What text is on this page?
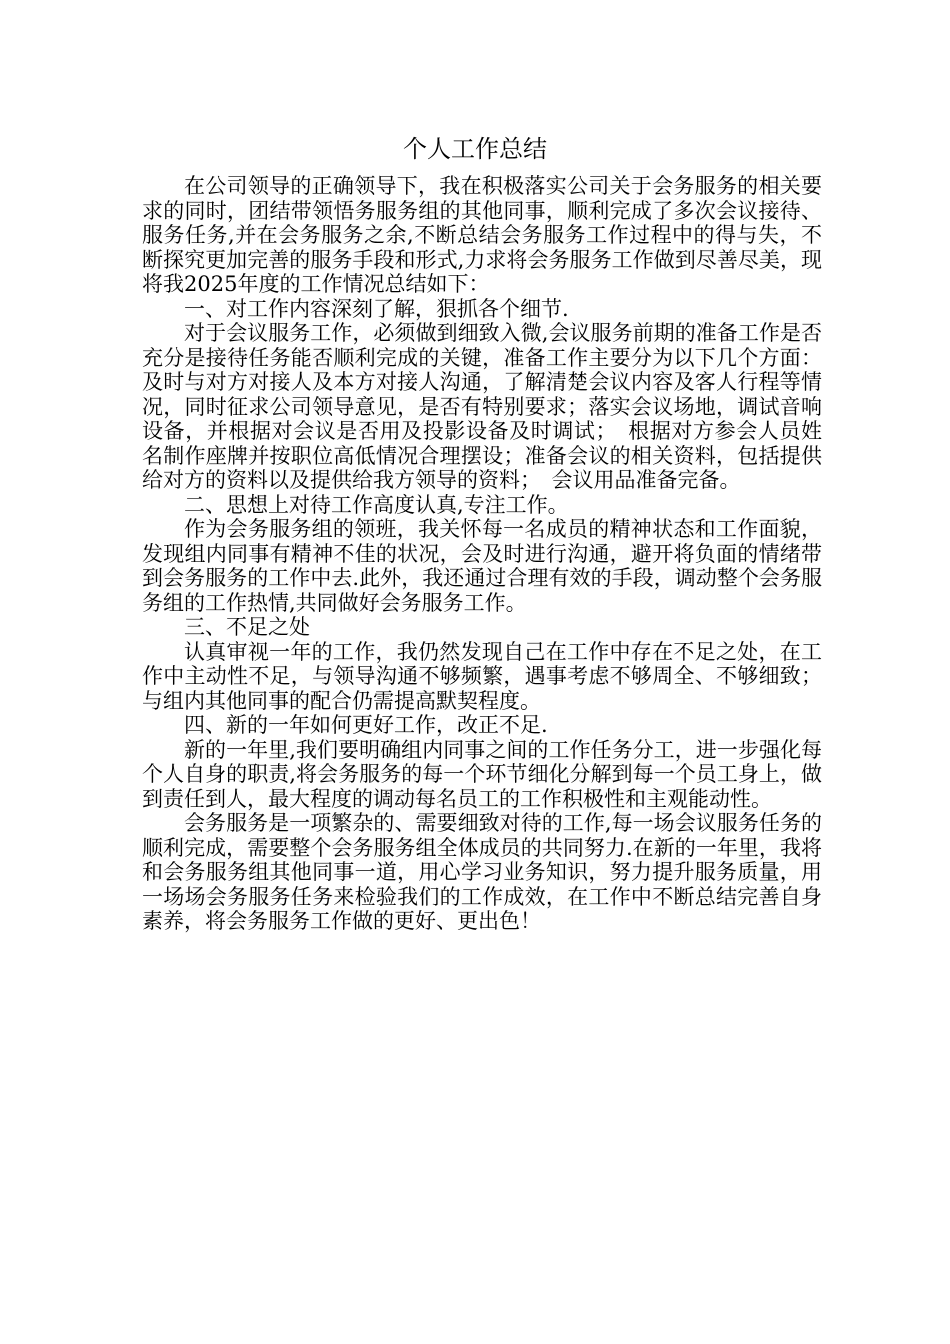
个人工作总结

在公司领导的正确领导下，我在积极落实公司关于会务服务的相关要求的同时，团结带领悟务服务组的其他同事，顺利完成了多次会议接待、服务任务,并在会务服务之余,不断总结会务服务工作过程中的得与失，不断探究更加完善的服务手段和形式,力求将会务服务工作做到尽善尽美，现将我2025年度的工作情况总结如下：

一、对工作内容深刻了解，狠抓各个细节.

对于会议服务工作，必须做到细致入微,会议服务前期的准备工作是否充分是接待任务能否顺利完成的关键，准备工作主要分为以下几个方面：及时与对方对接人及本方对接人沟通，了解清楚会议内容及客人行程等情况，同时征求公司领导意见，是否有特别要求；落实会议场地，调试音响设备，并根据对会议是否用及投影设备及时调试；　根据对方参会人员姓名制作座牌并按职位高低情况合理摆设；准备会议的相关资料，包括提供给对方的资料以及提供给我方领导的资料；　会议用品准备完备。

二、思想上对待工作高度认真,专注工作。

作为会务服务组的领班，我关怀每一名成员的精神状态和工作面貌，发现组内同事有精神不佳的状况，会及时进行沟通，避开将负面的情绪带到会务服务的工作中去.此外，我还通过合理有效的手段，调动整个会务服务组的工作热情,共同做好会务服务工作。

三、不足之处

认真审视一年的工作，我仍然发现自己在工作中存在不足之处，在工作中主动性不足，与领导沟通不够频繁，遇事考虑不够周全、不够细致；与组内其他同事的配合仍需提高默契程度。

四、新的一年如何更好工作，改正不足.

新的一年里,我们要明确组内同事之间的工作任务分工，进一步强化每个人自身的职责,将会务服务的每一个环节细化分解到每一个员工身上，做到责任到人，最大程度的调动每名员工的工作积极性和主观能动性。

会务服务是一项繁杂的、需要细致对待的工作,每一场会议服务任务的顺利完成，需要整个会务服务组全体成员的共同努力.在新的一年里，我将和会务服务组其他同事一道，用心学习业务知识，努力提升服务质量，用一场场会务服务任务来检验我们的工作成效，在工作中不断总结完善自身素养，将会务服务工作做的更好、更出色！
